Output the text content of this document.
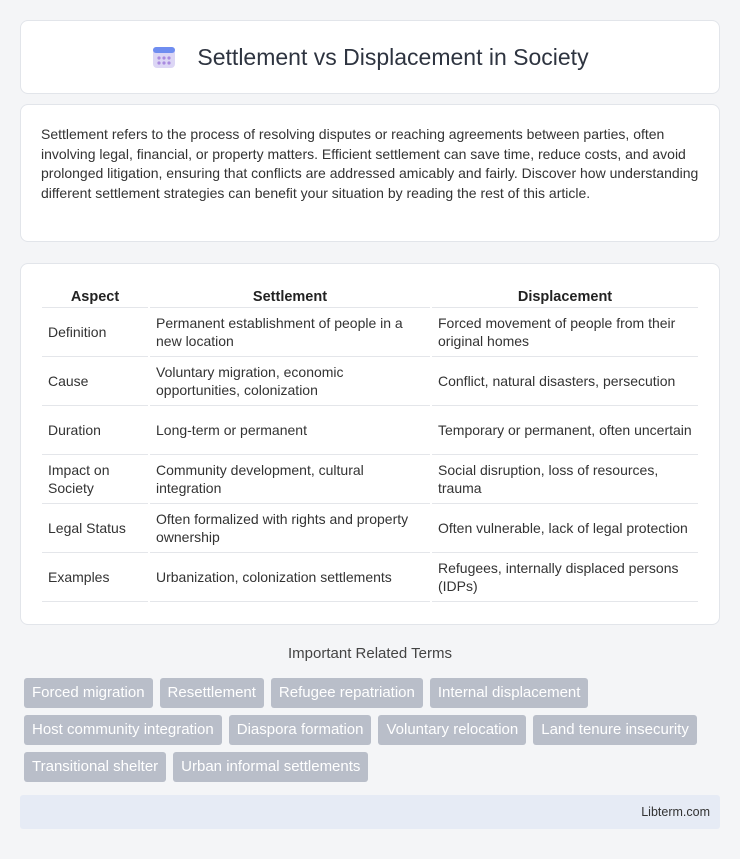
Settlement vs Displacement in Society

Settlement refers to the process of resolving disputes or reaching agreements between parties, often involving legal, financial, or property matters. Efficient settlement can save time, reduce costs, and avoid prolonged litigation, ensuring that conflicts are addressed amicably and fairly. Discover how understanding different settlement strategies can benefit your situation by reading the rest of this article.

Aspect	Settlement	Displacement
Definition	Permanent establishment of people in a new location	Forced movement of people from their original homes
Cause	Voluntary migration, economic opportunities, colonization	Conflict, natural disasters, persecution
Duration	Long-term or permanent	Temporary or permanent, often uncertain
Impact on Society	Community development, cultural integration	Social disruption, loss of resources, trauma
Legal Status	Often formalized with rights and property ownership	Often vulnerable, lack of legal protection
Examples	Urbanization, colonization settlements	Refugees, internally displaced persons (IDPs)
Important Related Terms
Forced migration	Resettlement	Refugee repatriation	Internal displacement
Host community integration	Diaspora formation	Voluntary relocation	Land tenure insecurity
Transitional shelter	Urban informal settlements
Libterm.com
